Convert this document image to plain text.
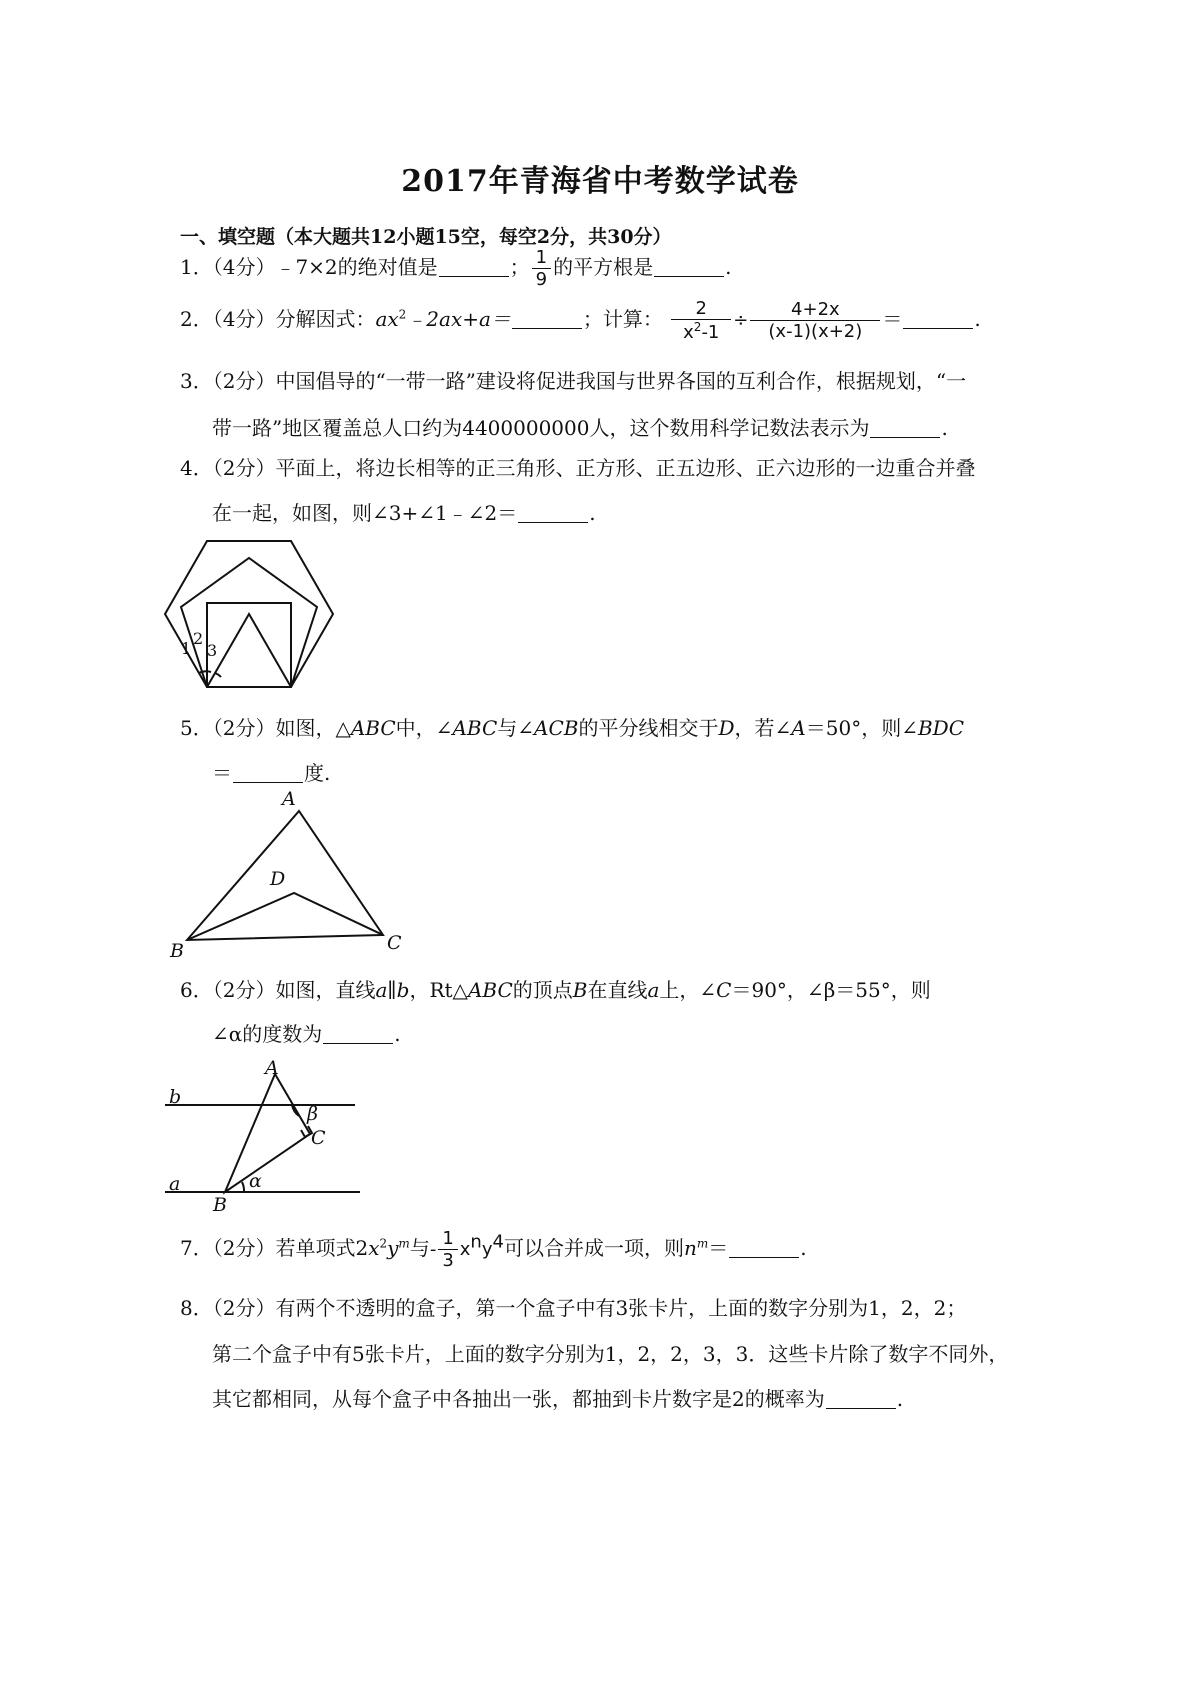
2017年青海省中考数学试卷
一、填空题（本大题共12小题15空，每空2分，共30分）
1．（4分）﹣7×2的绝对值是	； $\frac{1}{9}$ 的平方根是	.
2．（4分）分解因式：$ax^2﹣2ax+a=$	；计算： $\frac{2}{x^2-1} \div \frac{4+2x}{(x-1)(x+2)}$ ＝	.
3．（2分）中国倡导的“一带一路”建设将促进我国与世界各国的互利合作，根据规划，“一
带一路”地区覆盖总人口约为4400000000人，这个数用科学记数法表示为	.
4．（2分）平面上，将边长相等的正三角形、正方形、正五边形、正六边形的一边重合并叠
在一起，如图，则∠3+∠1﹣∠2＝	.
1
2
3
5．（2分）如图，△ABC中，∠ABC与∠ACB的平分线相交于D，若∠A＝50°，则∠BDC
＝	度.
A
B	C
D
6．（2分）如图，直线a∥b，Rt△ABC的顶点B在直线a上，∠C＝90°，∠β＝55°，则
∠α的度数为	.
A
B
C
a
b
α
β
7．（2分）若单项式$2x^2y^m$与- $\frac{1}{3} x^ny^4$可以合并成一项，则$n^m=$	.
8．（2分）有两个不透明的盒子，第一个盒子中有3张卡片，上面的数字分别为1，2，2；
第二个盒子中有5张卡片，上面的数字分别为1，2，2，3，3．这些卡片除了数字不同外，
其它都相同，从每个盒子中各抽出一张，都抽到卡片数字是2的概率为	.
